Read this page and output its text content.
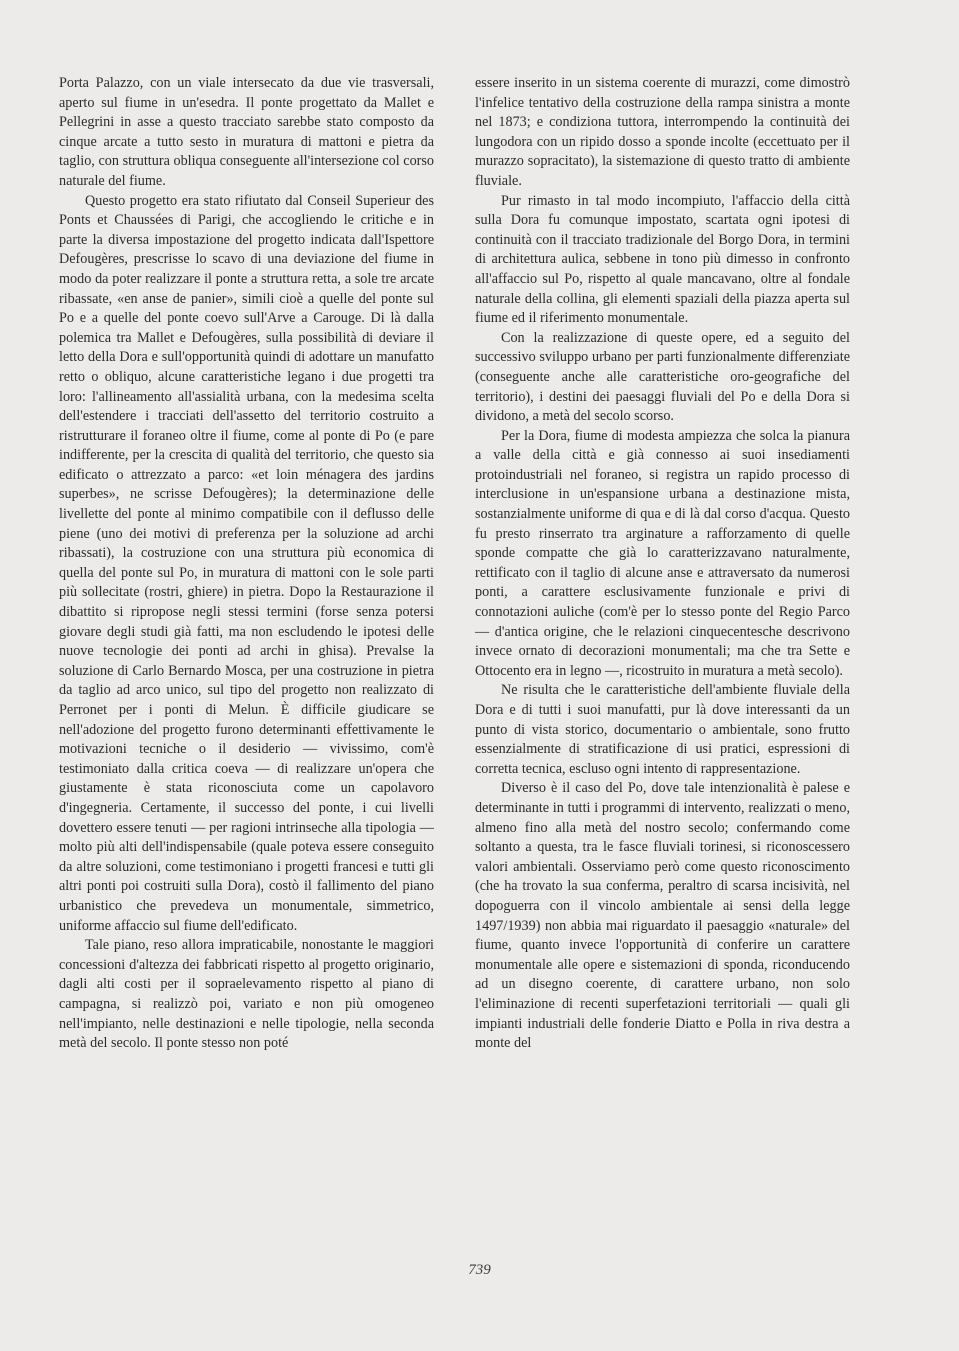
Porta Palazzo, con un viale intersecato da due vie trasversali, aperto sul fiume in un'esedra. Il ponte progettato da Mallet e Pellegrini in asse a questo tracciato sarebbe stato composto da cinque arcate a tutto sesto in muratura di mattoni e pietra da taglio, con struttura obliqua conseguente all'intersezione col corso naturale del fiume.

Questo progetto era stato rifiutato dal Conseil Superieur des Ponts et Chaussées di Parigi, che accogliendo le critiche e in parte la diversa impostazione del progetto indicata dall'Ispettore Defougères, prescrisse lo scavo di una deviazione del fiume in modo da poter realizzare il ponte a struttura retta, a sole tre arcate ribassate, «en anse de panier», simili cioè a quelle del ponte sul Po e a quelle del ponte coevo sull'Arve a Carouge. Di là dalla polemica tra Mallet e Defougères, sulla possibilità di deviare il letto della Dora e sull'opportunità quindi di adottare un manufatto retto o obliquo, alcune caratteristiche legano i due progetti tra loro: l'allineamento all'assialità urbana, con la medesima scelta dell'estendere i tracciati dell'assetto del territorio costruito a ristrutturare il foraneo oltre il fiume, come al ponte di Po (e pare indifferente, per la crescita di qualità del territorio, che questo sia edificato o attrezzato a parco: «et loin ménagera des jardins superbes», ne scrisse Defougères); la determinazione delle livellette del ponte al minimo compatibile con il deflusso delle piene (uno dei motivi di preferenza per la soluzione ad archi ribassati), la costruzione con una struttura più economica di quella del ponte sul Po, in muratura di mattoni con le sole parti più sollecitate (rostri, ghiere) in pietra. Dopo la Restaurazione il dibattito si ripropose negli stessi termini (forse senza potersi giovare degli studi già fatti, ma non escludendo le ipotesi delle nuove tecnologie dei ponti ad archi in ghisa). Prevalse la soluzione di Carlo Bernardo Mosca, per una costruzione in pietra da taglio ad arco unico, sul tipo del progetto non realizzato di Perronet per i ponti di Melun. È difficile giudicare se nell'adozione del progetto furono determinanti effettivamente le motivazioni tecniche o il desiderio — vivissimo, com'è testimoniato dalla critica coeva — di realizzare un'opera che giustamente è stata riconosciuta come un capolavoro d'ingegneria. Certamente, il successo del ponte, i cui livelli dovettero essere tenuti — per ragioni intrinseche alla tipologia — molto più alti dell'indispensabile (quale poteva essere conseguito da altre soluzioni, come testimoniano i progetti francesi e tutti gli altri ponti poi costruiti sulla Dora), costò il fallimento del piano urbanistico che prevedeva un monumentale, simmetrico, uniforme affaccio sul fiume dell'edificato.

Tale piano, reso allora impraticabile, nonostante le maggiori concessioni d'altezza dei fabbricati rispetto al progetto originario, dagli alti costi per il sopraelevamento rispetto al piano di campagna, si realizzò poi, variato e non più omogeneo nell'impianto, nelle destinazioni e nelle tipologie, nella seconda metà del secolo. Il ponte stesso non poté

essere inserito in un sistema coerente di murazzi, come dimostrò l'infelice tentativo della costruzione della rampa sinistra a monte nel 1873; e condiziona tuttora, interrompendo la continuità dei lungodora con un ripido dosso a sponde incolte (eccettuato per il murazzo sopracitato), la sistemazione di questo tratto di ambiente fluviale.

Pur rimasto in tal modo incompiuto, l'affaccio della città sulla Dora fu comunque impostato, scartata ogni ipotesi di continuità con il tracciato tradizionale del Borgo Dora, in termini di architettura aulica, sebbene in tono più dimesso in confronto all'affaccio sul Po, rispetto al quale mancavano, oltre al fondale naturale della collina, gli elementi spaziali della piazza aperta sul fiume ed il riferimento monumentale.

Con la realizzazione di queste opere, ed a seguito del successivo sviluppo urbano per parti funzionalmente differenziate (conseguente anche alle caratteristiche oro-geografiche del territorio), i destini dei paesaggi fluviali del Po e della Dora si dividono, a metà del secolo scorso.

Per la Dora, fiume di modesta ampiezza che solca la pianura a valle della città e già connesso ai suoi insediamenti protoindustriali nel foraneo, si registra un rapido processo di interclusione in un'espansione urbana a destinazione mista, sostanzialmente uniforme di qua e di là dal corso d'acqua. Questo fu presto rinserrato tra arginature a rafforzamento di quelle sponde compatte che già lo caratterizzavano naturalmente, rettificato con il taglio di alcune anse e attraversato da numerosi ponti, a carattere esclusivamente funzionale e privi di connotazioni auliche (com'è per lo stesso ponte del Regio Parco — d'antica origine, che le relazioni cinquecentesche descrivono invece ornato di decorazioni monumentali; ma che tra Sette e Ottocento era in legno —, ricostruito in muratura a metà secolo).

Ne risulta che le caratteristiche dell'ambiente fluviale della Dora e di tutti i suoi manufatti, pur là dove interessanti da un punto di vista storico, documentario o ambientale, sono frutto essenzialmente di stratificazione di usi pratici, espressioni di corretta tecnica, escluso ogni intento di rappresentazione.

Diverso è il caso del Po, dove tale intenzionalità è palese e determinante in tutti i programmi di intervento, realizzati o meno, almeno fino alla metà del nostro secolo; confermando come soltanto a questa, tra le fasce fluviali torinesi, si riconoscessero valori ambientali. Osserviamo però come questo riconoscimento (che ha trovato la sua conferma, peraltro di scarsa incisività, nel dopoguerra con il vincolo ambientale ai sensi della legge 1497/1939) non abbia mai riguardato il paesaggio «naturale» del fiume, quanto invece l'opportunità di conferire un carattere monumentale alle opere e sistemazioni di sponda, riconducendo ad un disegno coerente, di carattere urbano, non solo l'eliminazione di recenti superfetazioni territoriali — quali gli impianti industriali delle fonderie Diatto e Polla in riva destra a monte del

739
